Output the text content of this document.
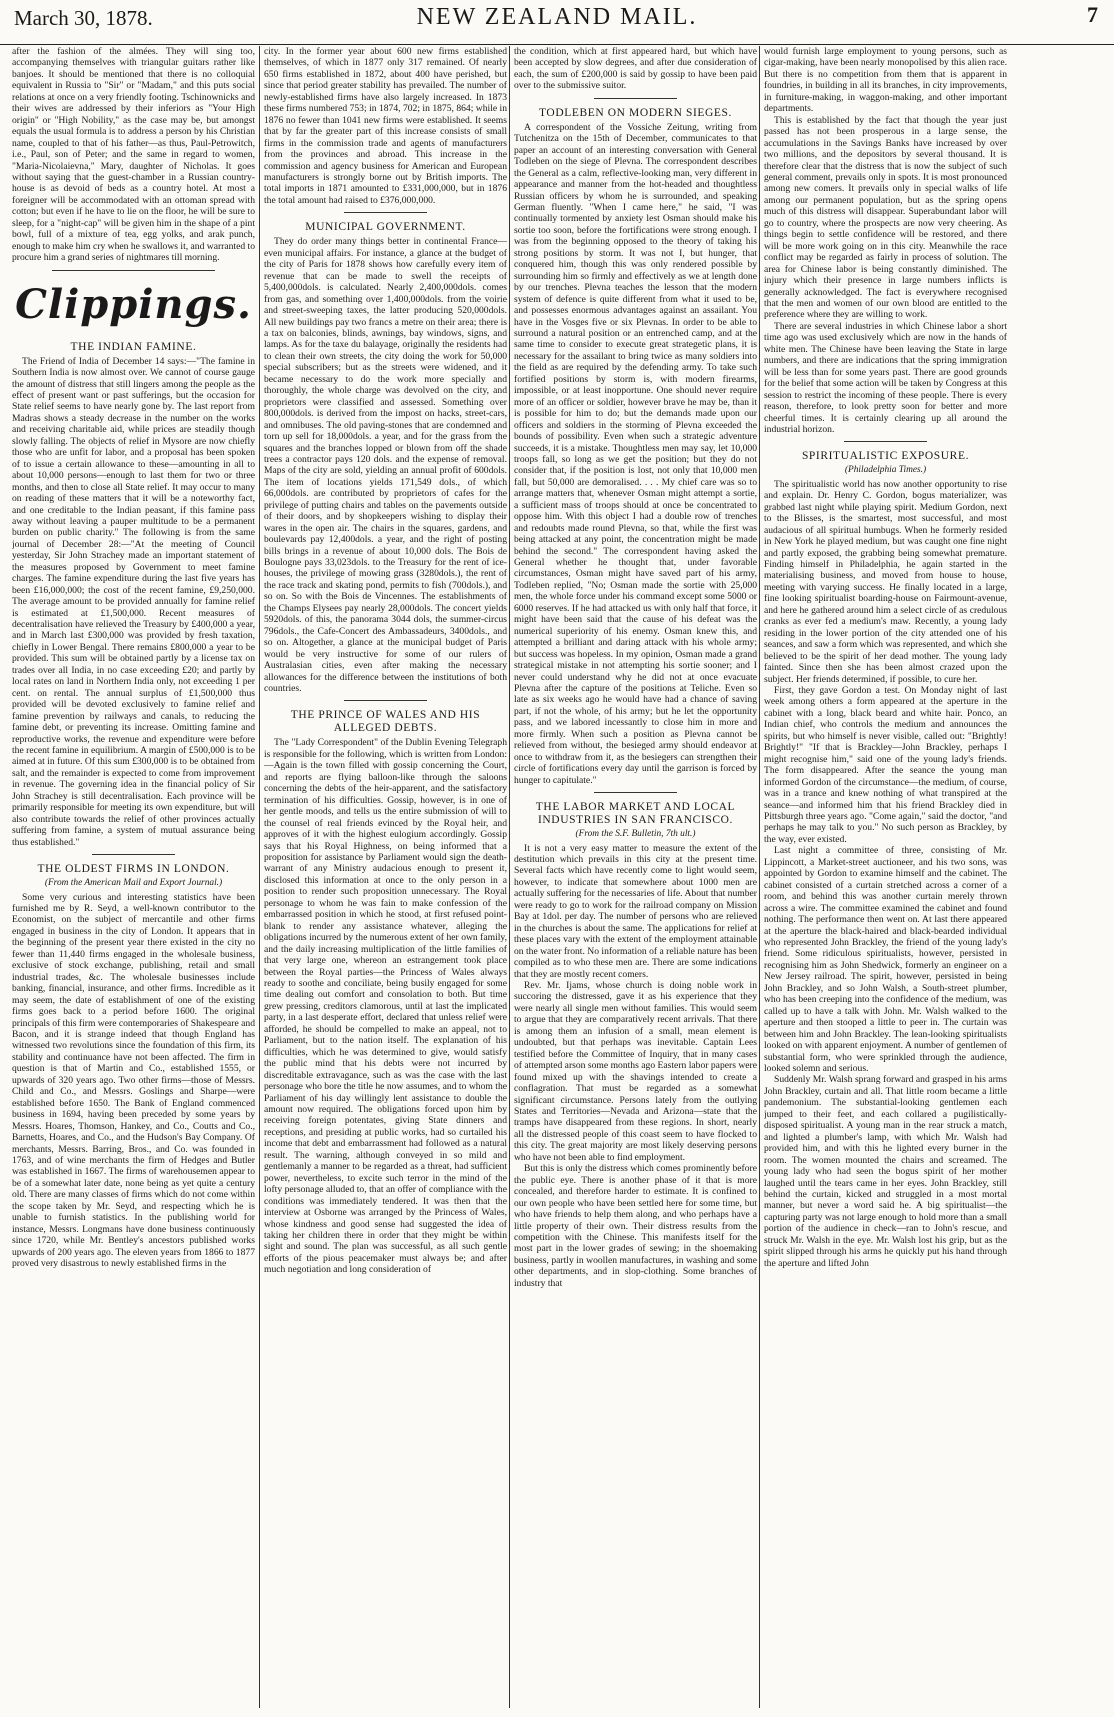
March 30, 1878.	NEW ZEALAND MAIL.	7

after the fashion of the almées. They will sing too, accompanying themselves with triangular guitars rather like banjoes. It should be mentioned that there is no colloquial equivalent in Russia to "Sir" or "Madam," and this puts social relations at once on a very friendly footing. Tschinownicks and their wives are addressed by their inferiors as "Your High origin" or "High Nobility," as the case may be, but amongst equals the usual formula is to address a person by his Christian name, coupled to that of his father—as thus, Paul-Petrowitch, i.e., Paul, son of Peter; and the same in regard to women, "Maria-Nicolaievna," Mary, daughter of Nicholas. It goes without saying that the guest-chamber in a Russian country-house is as devoid of beds as a country hotel. At most a foreigner will be accommodated with an ottoman spread with cotton; but even if he have to lie on the floor, he will be sure to sleep, for a "night-cap" will be given him in the shape of a pint bowl, full of a mixture of tea, egg yolks, and arak punch, enough to make him cry when he swallows it, and warranted to procure him a grand series of nightmares till morning.

Clippings.
THE INDIAN FAMINE.

The Friend of India of December 14 says:—"The famine in Southern India is now almost over. We cannot of course gauge the amount of distress that still lingers among the people as the effect of present want or past sufferings, but the occasion for State relief seems to have nearly gone by. The last report from Madras shows a steady decrease in the number on the works and receiving charitable aid, while prices are steadily though slowly falling. The objects of relief in Mysore are now chiefly those who are unfit for labor, and a proposal has been spoken of to issue a certain allowance to these—amounting in all to about 10,000 persons—enough to last them for two or three months, and then to close all State relief. It may occur to many on reading of these matters that it will be a noteworthy fact, and one creditable to the Indian peasant, if this famine pass away without leaving a pauper multitude to be a permanent burden on public charity." The following is from the same journal of December 28:—"At the meeting of Council yesterday, Sir John Strachey made an important statement of the measures proposed by Government to meet famine charges. The famine expenditure during the last five years has been £16,000,000; the cost of the recent famine, £9,250,000. The average amount to be provided annually for famine relief is estimated at £1,500,000. Recent measures of decentralisation have relieved the Treasury by £400,000 a year, and in March last £300,000 was provided by fresh taxation, chiefly in Lower Bengal. There remains £800,000 a year to be provided. This sum will be obtained partly by a license tax on trades over all India, in no case exceeding £20; and partly by local rates on land in Northern India only, not exceeding 1 per cent. on rental. The annual surplus of £1,500,000 thus provided will be devoted exclusively to famine relief and famine prevention by railways and canals, to reducing the famine debt, or preventing its increase. Omitting famine and reproductive works, the revenue and expenditure were before the recent famine in equilibrium. A margin of £500,000 is to be aimed at in future. Of this sum £300,000 is to be obtained from salt, and the remainder is expected to come from improvement in revenue. The governing idea in the financial policy of Sir John Strachey is still decentralisation. Each province will be primarily responsible for meeting its own expenditure, but will also contribute towards the relief of other provinces actually suffering from famine, a system of mutual assurance being thus established."

THE OLDEST FIRMS IN LONDON.
(From the American Mail and Export Journal.)

Some very curious and interesting statistics have been furnished me by R. Seyd, a well-known contributor to the Economist, on the subject of mercantile and other firms engaged in business in the city of London. It appears that in the beginning of the present year there existed in the city no fewer than 11,440 firms engaged in the wholesale business, exclusive of stock exchange, publishing, retail and small industrial trades, &c. The wholesale businesses include banking, financial, insurance, and other firms. Incredible as it may seem, the date of establishment of one of the existing firms goes back to a period before 1600. The original principals of this firm were contemporaries of Shakespeare and Bacon, and it is strange indeed that though England has witnessed two revolutions since the foundation of this firm, its stability and continuance have not been affected. The firm in question is that of Martin and Co., established 1555, or upwards of 320 years ago. Two other firms—those of Messrs. Child and Co., and Messrs. Goslings and Sharpe—were established before 1650. The Bank of England commenced business in 1694, having been preceded by some years by Messrs. Hoares, Thomson, Hankey, and Co., Coutts and Co., Barnetts, Hoares, and Co., and the Hudson's Bay Company. Of merchants, Messrs. Barring, Bros., and Co. was founded in 1763, and of wine merchants the firm of Hedges and Butler was established in 1667. The firms of warehousemen appear to be of a somewhat later date, none being as yet quite a century old. There are many classes of firms which do not come within the scope taken by Mr. Seyd, and respecting which he is unable to furnish statistics. In the publishing world for instance, Messrs. Longmans have done business continuously since 1720, while Mr. Bentley's ancestors published works upwards of 200 years ago. The eleven years from 1866 to 1877 proved very disastrous to newly established firms in the

city. In the former year about 600 new firms established themselves, of which in 1877 only 317 remained. Of nearly 650 firms established in 1872, about 400 have perished, but since that period greater stability has prevailed. The number of newly-established firms have also largely increased. In 1873 these firms numbered 753; in 1874, 702; in 1875, 864; while in 1876 no fewer than 1041 new firms were established. It seems that by far the greater part of this increase consists of small firms in the commission trade and agents of manufacturers from the provinces and abroad. This increase in the commission and agency business for American and European manufacturers is strongly borne out by British imports. The total imports in 1871 amounted to £331,000,000, but in 1876 the total amount had raised to £376,000,000.

MUNICIPAL GOVERNMENT.

They do order many things better in continental France—even municipal affairs. For instance, a glance at the budget of the city of Paris for 1878 shows how carefully every item of revenue that can be made to swell the receipts of 5,400,000dols. is calculated. Nearly 2,400,000dols. comes from gas, and something over 1,400,000dols. from the voirie and street-sweeping taxes, the latter producing 520,000dols. All new buildings pay two francs a metre on their area; there is a tax on balconies, blinds, awnings, bay windows, signs, and lamps. As for the taxe du balayage, originally the residents had to clean their own streets, the city doing the work for 50,000 special subscribers; but as the streets were widened, and it became necessary to do the work more specially and thoroughly, the whole charge was devolved on the city, and proprietors were classified and assessed. Something over 800,000dols. is derived from the impost on hacks, street-cars, and omnibuses. The old paving-stones that are condemned and torn up sell for 18,000dols. a year, and for the grass from the squares and the branches lopped or blown from off the shade trees a contractor pays 120 dols. and the expense of removal. Maps of the city are sold, yielding an annual profit of 600dols. The item of locations yields 171,549 dols., of which 66,000dols. are contributed by proprietors of cafes for the privilege of putting chairs and tables on the pavements outside of their doors, and by shopkeepers wishing to display their wares in the open air. The chairs in the squares, gardens, and boulevards pay 12,400dols. a year, and the right of posting bills brings in a revenue of about 10,000 dols. The Bois de Boulogne pays 33,023dols. to the Treasury for the rent of ice-houses, the privilege of mowing grass (3280dols.), the rent of the race track and skating pond, permits to fish (700dols.), and so on. So with the Bois de Vincennes. The establishments of the Champs Elysees pay nearly 28,000dols. The concert yields 5920dols. of this, the panorama 3044 dols, the summer-circus 796dols., the Cafe-Concert des Ambassadeurs, 3400dols., and so on. Altogether, a glance at the municipal budget of Paris would be very instructive for some of our rulers of Australasian cities, even after making the necessary allowances for the difference between the institutions of both countries.

THE PRINCE OF WALES AND HIS ALLEGED DEBTS.

The "Lady Correspondent" of the Dublin Evening Telegraph is responsible for the following, which is written from London:—Again is the town filled with gossip concerning the Court, and reports are flying balloon-like through the saloons concerning the debts of the heir-apparent, and the satisfactory termination of his difficulties. Gossip, however, is in one of her gentle moods, and tells us the entire submission of will to the counsel of real friends evinced by the Royal heir, and approves of it with the highest eulogium accordingly. Gossip says that his Royal Highness, on being informed that a proposition for assistance by Parliament would sign the death-warrant of any Ministry audacious enough to present it, disclosed this information at once to the only person in a position to render such proposition unnecessary. The Royal personage to whom he was fain to make confession of the embarrassed position in which he stood, at first refused point-blank to render any assistance whatever, alleging the obligations incurred by the numerous extent of her own family, and the daily increasing multiplication of the little families of that very large one, whereon an estrangement took place between the Royal parties—the Princess of Wales always ready to soothe and conciliate, being busily engaged for some time dealing out comfort and consolation to both. But time grew pressing, creditors clamorous, until at last the implicated party, in a last desperate effort, declared that unless relief were afforded, he should be compelled to make an appeal, not to Parliament, but to the nation itself. The explanation of his difficulties, which he was determined to give, would satisfy the public mind that his debts were not incurred by discreditable extravagance, such as was the case with the last personage who bore the title he now assumes, and to whom the Parliament of his day willingly lent assistance to double the amount now required. The obligations forced upon him by receiving foreign potentates, giving State dinners and receptions, and presiding at public works, had so curtailed his income that debt and embarrassment had followed as a natural result. The warning, although conveyed in so mild and gentlemanly a manner to be regarded as a threat, had sufficient power, nevertheless, to excite such terror in the mind of the lofty personage alluded to, that an offer of compliance with the conditions was immediately tendered. It was then that the interview at Osborne was arranged by the Princess of Wales, whose kindness and good sense had suggested the idea of taking her children there in order that they might be within sight and sound. The plan was successful, as all such gentle efforts of the pious peacemaker must always be; and after much negotiation and long consideration of

the condition, which at first appeared hard, but which have been accepted by slow degrees, and after due consideration of each, the sum of £200,000 is said by gossip to have been paid over to the submissive suitor.

TODLEBEN ON MODERN SIEGES.

A correspondent of the Vossiche Zeitung, writing from Tutchenitza on the 15th of December, communicates to that paper an account of an interesting conversation with General Todleben on the siege of Plevna. The correspondent describes the General as a calm, reflective-looking man, very different in appearance and manner from the hot-headed and thoughtless Russian officers by whom he is surrounded, and speaking German fluently. "When I came here," he said, "I was continually tormented by anxiety lest Osman should make his sortie too soon, before the fortifications were strong enough. I was from the beginning opposed to the theory of taking his strong positions by storm. It was not I, but hunger, that conquered him, though this was only rendered possible by surrounding him so firmly and effectively as we at length done by our trenches. Plevna teaches the lesson that the modern system of defence is quite different from what it used to be, and possesses enormous advantages against an assailant. You have in the Vosges five or six Plevnas. In order to be able to surround a natural position or an entrenched camp, and at the same time to consider to execute great strategetic plans, it is necessary for the assailant to bring twice as many soldiers into the field as are required by the defending army. To take such fortified positions by storm is, with modern firearms, impossible, or at least inopportune. One should never require more of an officer or soldier, however brave he may be, than it is possible for him to do; but the demands made upon our officers and soldiers in the storming of Plevna exceeded the bounds of possibility. Even when such a strategic adventure succeeds, it is a mistake. Thoughtless men may say, let 10,000 troops fall, so long as we get the position; but they do not consider that, if the position is lost, not only that 10,000 men fall, but 50,000 are demoralised. . . . My chief care was so to arrange matters that, whenever Osman might attempt a sortie, a sufficient mass of troops should at once be concentrated to oppose him. With this object I had a double row of trenches and redoubts made round Plevna, so that, while the first was being attacked at any point, the concentration might be made behind the second." The correspondent having asked the General whether he thought that, under favorable circumstances, Osman might have saved part of his army, Todleben replied, "No; Osman made the sortie with 25,000 men, the whole force under his command except some 5000 or 6000 reserves. If he had attacked us with only half that force, it might have been said that the cause of his defeat was the numerical superiority of his enemy. Osman knew this, and attempted a brilliant and daring attack with his whole army; but success was hopeless. In my opinion, Osman made a grand strategical mistake in not attempting his sortie sooner; and I never could understand why he did not at once evacuate Plevna after the capture of the positions at Teliche. Even so late as six weeks ago he would have had a chance of saving part, if not the whole, of his army; but he let the opportunity pass, and we labored incessantly to close him in more and more firmly. When such a position as Plevna cannot be relieved from without, the besieged army should endeavor at once to withdraw from it, as the besiegers can strengthen their circle of fortifications every day until the garrison is forced by hunger to capitulate."

THE LABOR MARKET AND LOCAL INDUSTRIES IN SAN FRANCISCO.
(From the S.F. Bulletin, 7th ult.)

It is not a very easy matter to measure the extent of the destitution which prevails in this city at the present time. Several facts which have recently come to light would seem, however, to indicate that somewhere about 1000 men are actually suffering for the necessaries of life. About that number were ready to go to work for the railroad company on Mission Bay at 1dol. per day. The number of persons who are relieved in the churches is about the same. The applications for relief at these places vary with the extent of the employment attainable on the water front. No information of a reliable nature has been compiled as to who these men are. There are some indications that they are mostly recent comers.

Rev. Mr. Ijams, whose church is doing noble work in succoring the distressed, gave it as his experience that they were nearly all single men without families. This would seem to argue that they are comparatively recent arrivals. That there is among them an infusion of a small, mean element is undoubted, but that perhaps was inevitable. Captain Lees testified before the Committee of Inquiry, that in many cases of attempted arson some months ago Eastern labor papers were found mixed up with the shavings intended to create a conflagration. That must be regarded as a somewhat significant circumstance. Persons lately from the outlying States and Territories—Nevada and Arizona—state that the tramps have disappeared from these regions. In short, nearly all the distressed people of this coast seem to have flocked to this city. The great majority are most likely deserving persons who have not been able to find employment.

But this is only the distress which comes prominently before the public eye. There is another phase of it that is more concealed, and therefore harder to estimate. It is confined to our own people who have been settled here for some time, but who have friends to help them along, and who perhaps have a little property of their own. Their distress results from the competition with the Chinese. This manifests itself for the most part in the lower grades of sewing; in the shoemaking business, partly in woollen manufactures, in washing and some other departments, and in slop-clothing. Some branches of industry that

would furnish large employment to young persons, such as cigar-making, have been nearly monopolised by this alien race. But there is no competition from them that is apparent in foundries, in building in all its branches, in city improvements, in furniture-making, in waggon-making, and other important departments.

This is established by the fact that though the year just passed has not been prosperous in a large sense, the accumulations in the Savings Banks have increased by over two millions, and the depositors by several thousand. It is therefore clear that the distress that is now the subject of such general comment, prevails only in spots. It is most pronounced among new comers. It prevails only in special walks of life among our permanent population, but as the spring opens much of this distress will disappear. Superabundant labor will go to country, where the prospects are now very cheering. As things begin to settle confidence will be restored, and there will be more work going on in this city. Meanwhile the race conflict may be regarded as fairly in process of solution. The area for Chinese labor is being constantly diminished. The injury which their presence in large numbers inflicts is generally acknowledged. The fact is everywhere recognised that the men and women of our own blood are entitled to the preference where they are willing to work.

There are several industries in which Chinese labor a short time ago was used exclusively which are now in the hands of white men. The Chinese have been leaving the State in large numbers, and there are indications that the spring immigration will be less than for some years past. There are good grounds for the belief that some action will be taken by Congress at this session to restrict the incoming of these people. There is every reason, therefore, to look pretty soon for better and more cheerful times. It is certainly clearing up all around the industrial horizon.

SPIRITUALISTIC EXPOSURE.
(Philadelphia Times.)

The spiritualistic world has now another opportunity to rise and explain. Dr. Henry C. Gordon, bogus materializer, was grabbed last night while playing spirit. Medium Gordon, next to the Blisses, is the smartest, most successful, and most audacious of all spiritual humbugs. When he formerly resided in New York he played medium, but was caught one fine night and partly exposed, the grabbing being somewhat premature. Finding himself in Philadelphia, he again started in the materialising business, and moved from house to house, meeting with varying success. He finally located in a large, fine looking spiritualist boarding-house on Fairmount-avenue, and here he gathered around him a select circle of as credulous cranks as ever fed a medium's maw. Recently, a young lady residing in the lower portion of the city attended one of his seances, and saw a form which was represented, and which she believed to be the spirit of her dead mother. The young lady fainted. Since then she has been almost crazed upon the subject. Her friends determined, if possible, to cure her.

First, they gave Gordon a test. On Monday night of last week among others a form appeared at the aperture in the cabinet with a long, black beard and white hair. Ponco, an Indian chief, who controls the medium and announces the spirits, but who himself is never visible, called out: "Brightly! Brightly!" "If that is Brackley—John Brackley, perhaps I might recognise him," said one of the young lady's friends. The form disappeared. After the seance the young man informed Gordon of the circumstance—the medium, of course, was in a trance and knew nothing of what transpired at the seance—and informed him that his friend Brackley died in Pittsburgh three years ago. "Come again," said the doctor, "and perhaps he may talk to you." No such person as Brackley, by the way, ever existed.

Last night a committee of three, consisting of Mr. Lippincott, a Market-street auctioneer, and his two sons, was appointed by Gordon to examine himself and the cabinet. The cabinet consisted of a curtain stretched across a corner of a room, and behind this was another curtain merely thrown across a wire. The committee examined the cabinet and found nothing. The performance then went on. At last there appeared at the aperture the black-haired and black-bearded individual who represented John Brackley, the friend of the young lady's friend. Some ridiculous spiritualists, however, persisted in recognising him as John Shedwick, formerly an engineer on a New Jersey railroad. The spirit, however, persisted in being John Brackley, and so John Walsh, a South-street plumber, who has been creeping into the confidence of the medium, was called up to have a talk with John. Mr. Walsh walked to the aperture and then stooped a little to peer in. The curtain was between him and John Brackley. The lean-looking spiritualists looked on with apparent enjoyment. A number of gentlemen of substantial form, who were sprinkled through the audience, looked solemn and serious.

Suddenly Mr. Walsh sprang forward and grasped in his arms John Brackley, curtain and all. That little room became a little pandemonium. The substantial-looking gentlemen each jumped to their feet, and each collared a pugilistically-disposed spiritualist. A young man in the rear struck a match, and lighted a plumber's lamp, with which Mr. Walsh had provided him, and with this he lighted every burner in the room. The women mounted the chairs and screamed. The young lady who had seen the bogus spirit of her mother laughed until the tears came in her eyes. John Brackley, still behind the curtain, kicked and struggled in a most mortal manner, but never a word said he. A big spiritualist—the capturing party was not large enough to hold more than a small portion of the audience in check—ran to John's rescue, and struck Mr. Walsh in the eye. Mr. Walsh lost his grip, but as the spirit slipped through his arms he quickly put his hand through the aperture and lifted John
